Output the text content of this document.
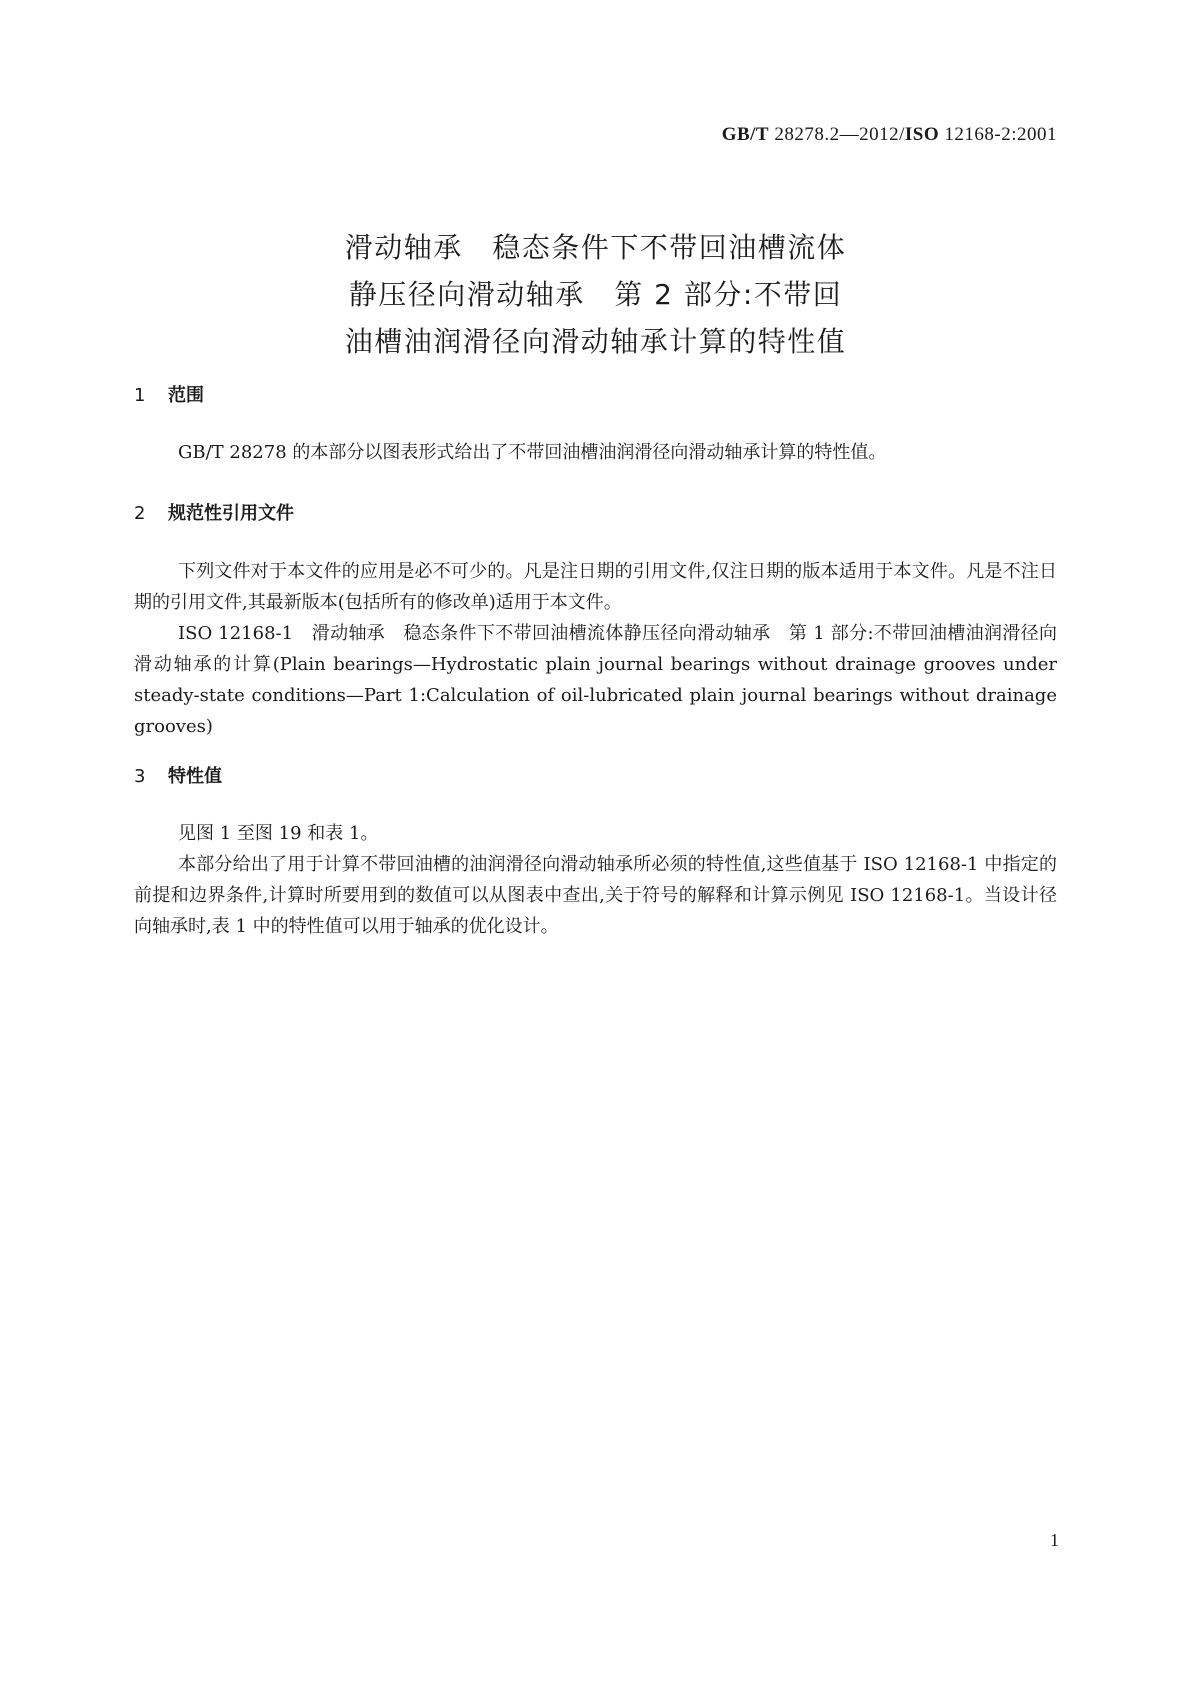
GB/T 28278.2—2012/ISO 12168-2:2001
滑动轴承　稳态条件下不带回油槽流体
静压径向滑动轴承　第 2 部分:不带回
油槽油润滑径向滑动轴承计算的特性值
1 范围
GB/T 28278 的本部分以图表形式给出了不带回油槽油润滑径向滑动轴承计算的特性值。
2 规范性引用文件
下列文件对于本文件的应用是必不可少的。凡是注日期的引用文件,仅注日期的版本适用于本文件。凡是不注日期的引用文件,其最新版本(包括所有的修改单)适用于本文件。
ISO 12168-1　滑动轴承　稳态条件下不带回油槽流体静压径向滑动轴承　第 1 部分:不带回油槽油润滑径向滑动轴承的计算(Plain bearings—Hydrostatic plain journal bearings without drainage grooves under steady-state conditions—Part 1:Calculation of oil-lubricated plain journal bearings without drainage grooves)
3 特性值
见图 1 至图 19 和表 1。
本部分给出了用于计算不带回油槽的油润滑径向滑动轴承所必须的特性值,这些值基于 ISO 12168-1 中指定的前提和边界条件,计算时所要用到的数值可以从图表中查出,关于符号的解释和计算示例见 ISO 12168-1。当设计径向轴承时,表 1 中的特性值可以用于轴承的优化设计。
1
